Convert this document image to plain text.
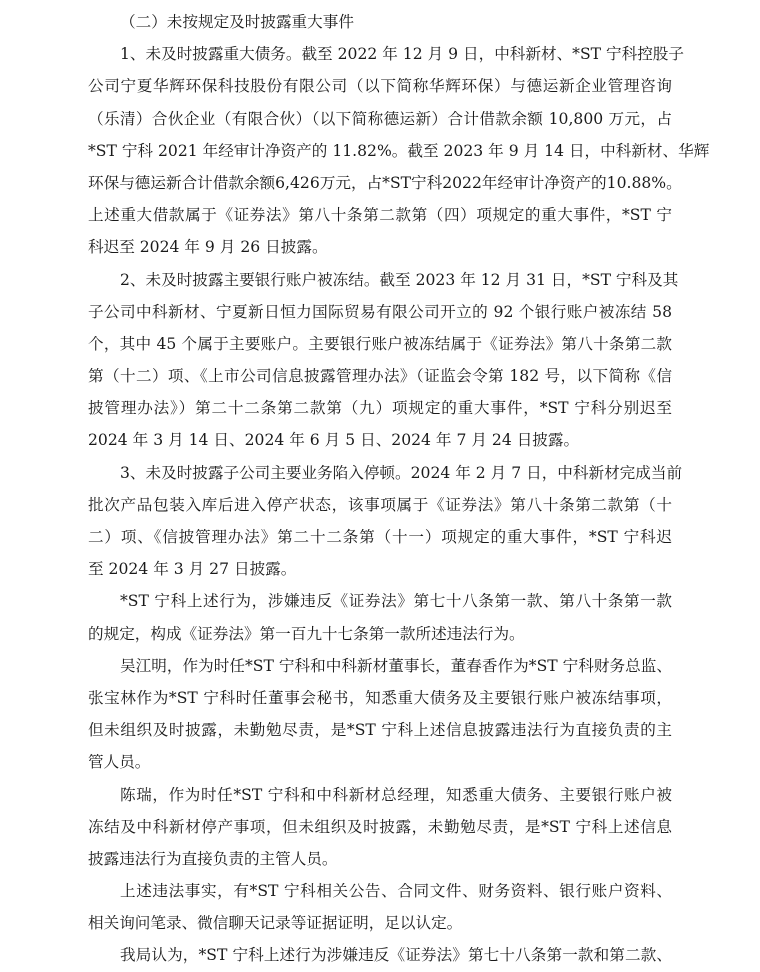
（二）未按规定及时披露重大事件
1、未及时披露重大债务。截至 2022 年 12 月 9 日，中科新材、*ST 宁科控股子
公司宁夏华辉环保科技股份有限公司（以下简称华辉环保）与德运新企业管理咨询
（乐清）合伙企业（有限合伙）（以下简称德运新）合计借款余额 10,800 万元，占
*ST 宁科 2021 年经审计净资产的 11.82%。截至 2023 年 9 月 14 日，中科新材、华辉
环保与德运新合计借款余额6,426万元，占*ST宁科2022年经审计净资产的10.88%。
上述重大借款属于《证券法》第八十条第二款第（四）项规定的重大事件，*ST 宁
科迟至 2024 年 9 月 26 日披露。
2、未及时披露主要银行账户被冻结。截至 2023 年 12 月 31 日，*ST 宁科及其
子公司中科新材、宁夏新日恒力国际贸易有限公司开立的 92 个银行账户被冻结 58
个，其中 45 个属于主要账户。主要银行账户被冻结属于《证券法》第八十条第二款
第（十二）项、《上市公司信息披露管理办法》（证监会令第 182 号，以下简称《信
披管理办法》）第二十二条第二款第（九）项规定的重大事件，*ST 宁科分别迟至
2024 年 3 月 14 日、2024 年 6 月 5 日、2024 年 7 月 24 日披露。
3、未及时披露子公司主要业务陷入停顿。2024 年 2 月 7 日，中科新材完成当前
批次产品包装入库后进入停产状态，该事项属于《证券法》第八十条第二款第（十
二）项、《信披管理办法》第二十二条第（十一）项规定的重大事件，*ST 宁科迟
至 2024 年 3 月 27 日披露。
*ST 宁科上述行为，涉嫌违反《证券法》第七十八条第一款、第八十条第一款
的规定，构成《证券法》第一百九十七条第一款所述违法行为。
吴江明，作为时任*ST 宁科和中科新材董事长，董春香作为*ST 宁科财务总监、
张宝林作为*ST 宁科时任董事会秘书，知悉重大债务及主要银行账户被冻结事项，
但未组织及时披露，未勤勉尽责，是*ST 宁科上述信息披露违法行为直接负责的主
管人员。
陈瑞，作为时任*ST 宁科和中科新材总经理，知悉重大债务、主要银行账户被
冻结及中科新材停产事项，但未组织及时披露，未勤勉尽责，是*ST 宁科上述信息
披露违法行为直接负责的主管人员。
上述违法事实，有*ST 宁科相关公告、合同文件、财务资料、银行账户资料、
相关询问笔录、微信聊天记录等证据证明，足以认定。
我局认为，*ST 宁科上述行为涉嫌违反《证券法》第七十八条第一款和第二款、
